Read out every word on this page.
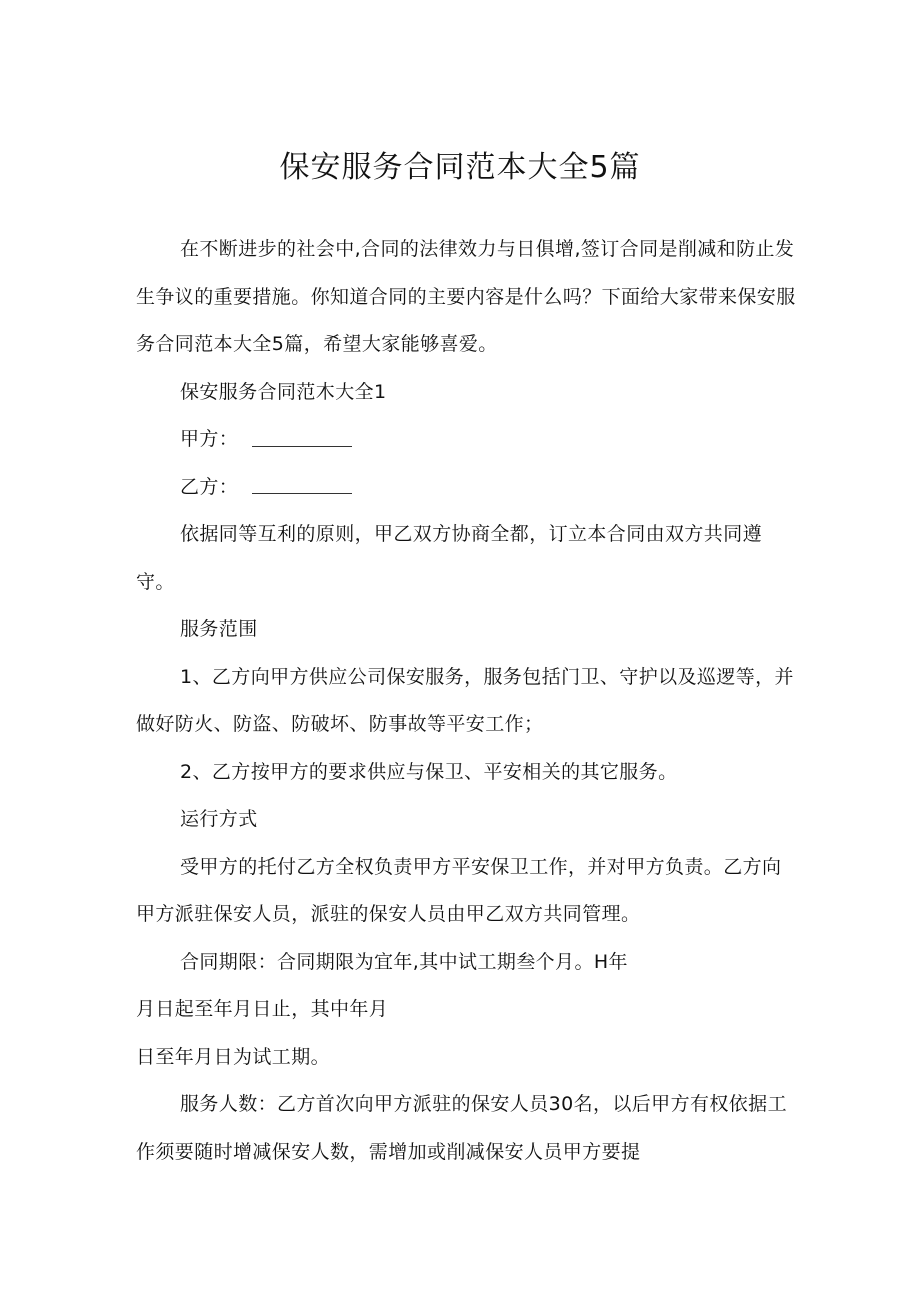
保安服务合同范本大全5篇

在不断进步的社会中,合同的法律效力与日俱增,签订合同是削减和防止发生争议的重要措施。你知道合同的主要内容是什么吗？下面给大家带来保安服务合同范本大全5篇，希望大家能够喜爱。

保安服务合同范木大全1

甲方：

乙方：

依据同等互利的原则，甲乙双方协商全都，订立本合同由双方共同遵守。

服务范围

1、乙方向甲方供应公司保安服务，服务包括门卫、守护以及巡逻等，并做好防火、防盗、防破坏、防事故等平安工作；

2、乙方按甲方的要求供应与保卫、平安相关的其它服务。

运行方式

受甲方的托付乙方全权负责甲方平安保卫工作，并对甲方负责。乙方向甲方派驻保安人员，派驻的保安人员由甲乙双方共同管理。

合同期限：合同期限为宜年,其中试工期叁个月。H年

月日起至年月日止，其中年月

日至年月日为试工期。

服务人数：乙方首次向甲方派驻的保安人员30名，以后甲方有权依据工作须要随时增减保安人数，需增加或削减保安人员甲方要提
